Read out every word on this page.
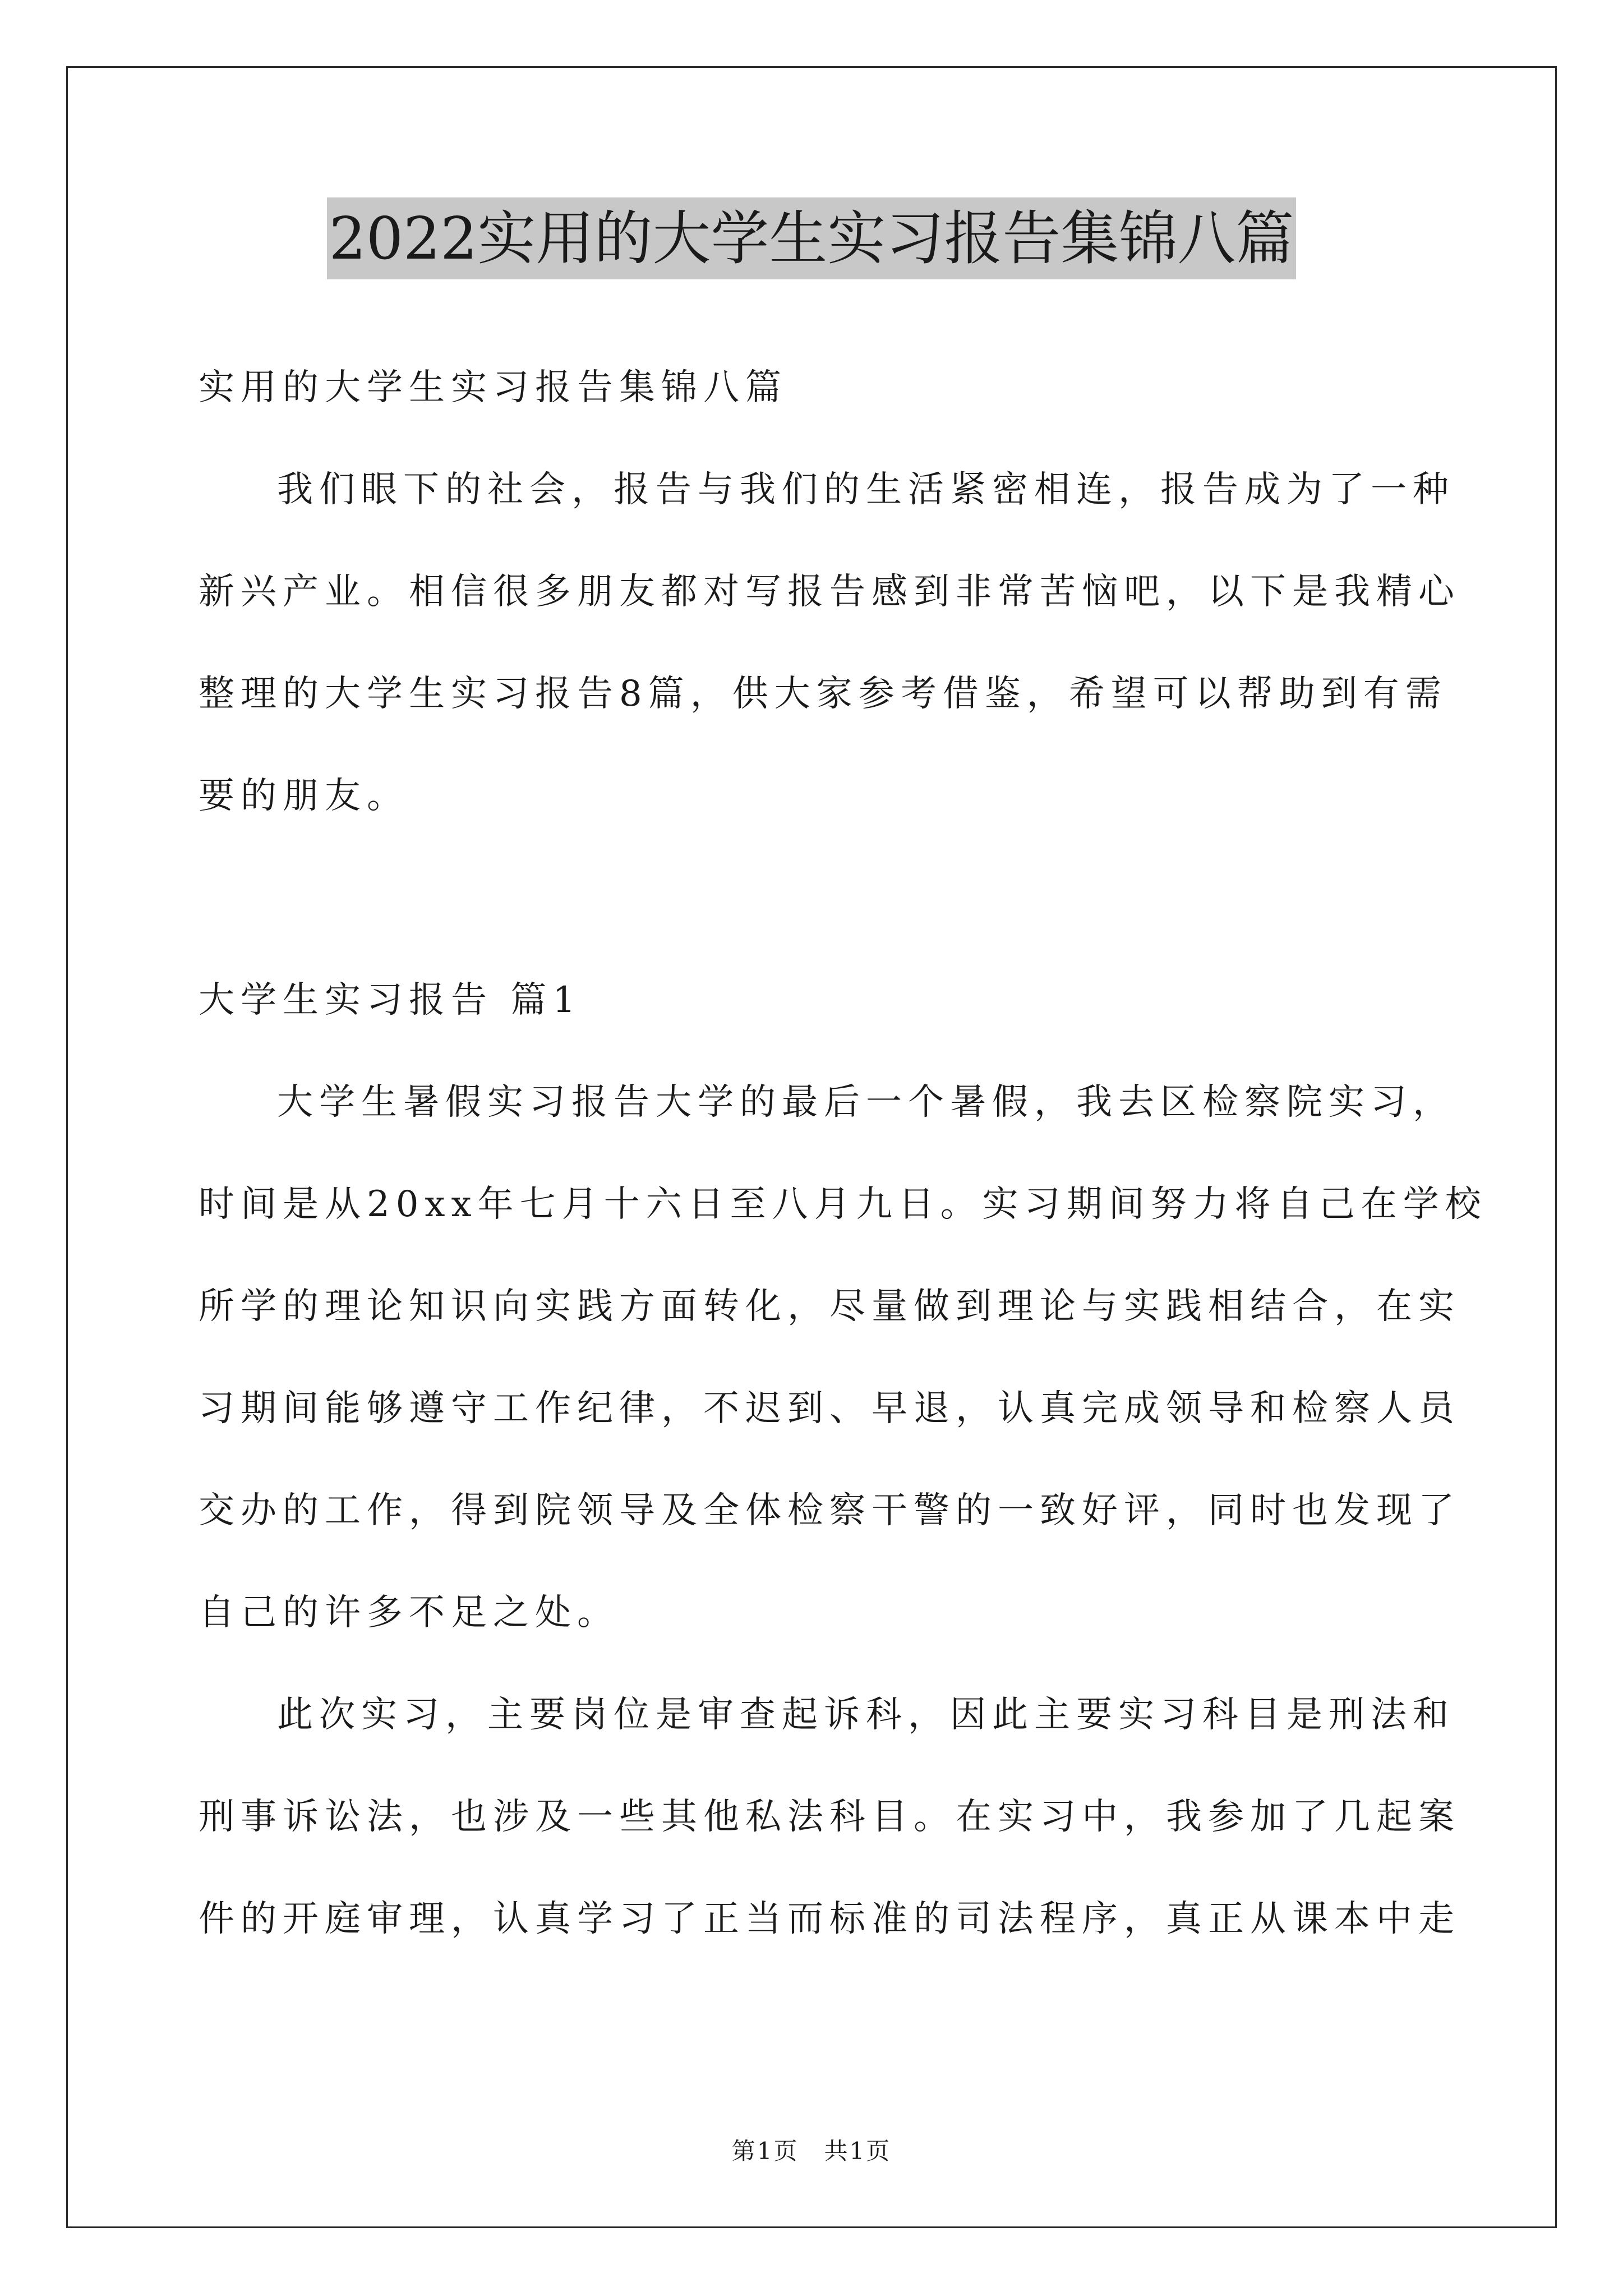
2022实用的大学生实习报告集锦八篇
实用的大学生实习报告集锦八篇
我们眼下的社会，报告与我们的生活紧密相连，报告成为了一种
新兴产业。相信很多朋友都对写报告感到非常苦恼吧，以下是我精心
整理的大学生实习报告8篇，供大家参考借鉴，希望可以帮助到有需
要的朋友。
大学生实习报告 篇1
大学生暑假实习报告大学的最后一个暑假，我去区检察院实习，
时间是从20xx年七月十六日至八月九日。实习期间努力将自己在学校
所学的理论知识向实践方面转化，尽量做到理论与实践相结合，在实
习期间能够遵守工作纪律，不迟到、早退，认真完成领导和检察人员
交办的工作，得到院领导及全体检察干警的一致好评，同时也发现了
自己的许多不足之处。
此次实习，主要岗位是审查起诉科，因此主要实习科目是刑法和
刑事诉讼法，也涉及一些其他私法科目。在实习中，我参加了几起案
件的开庭审理，认真学习了正当而标准的司法程序，真正从课本中走
第1页　共1页
